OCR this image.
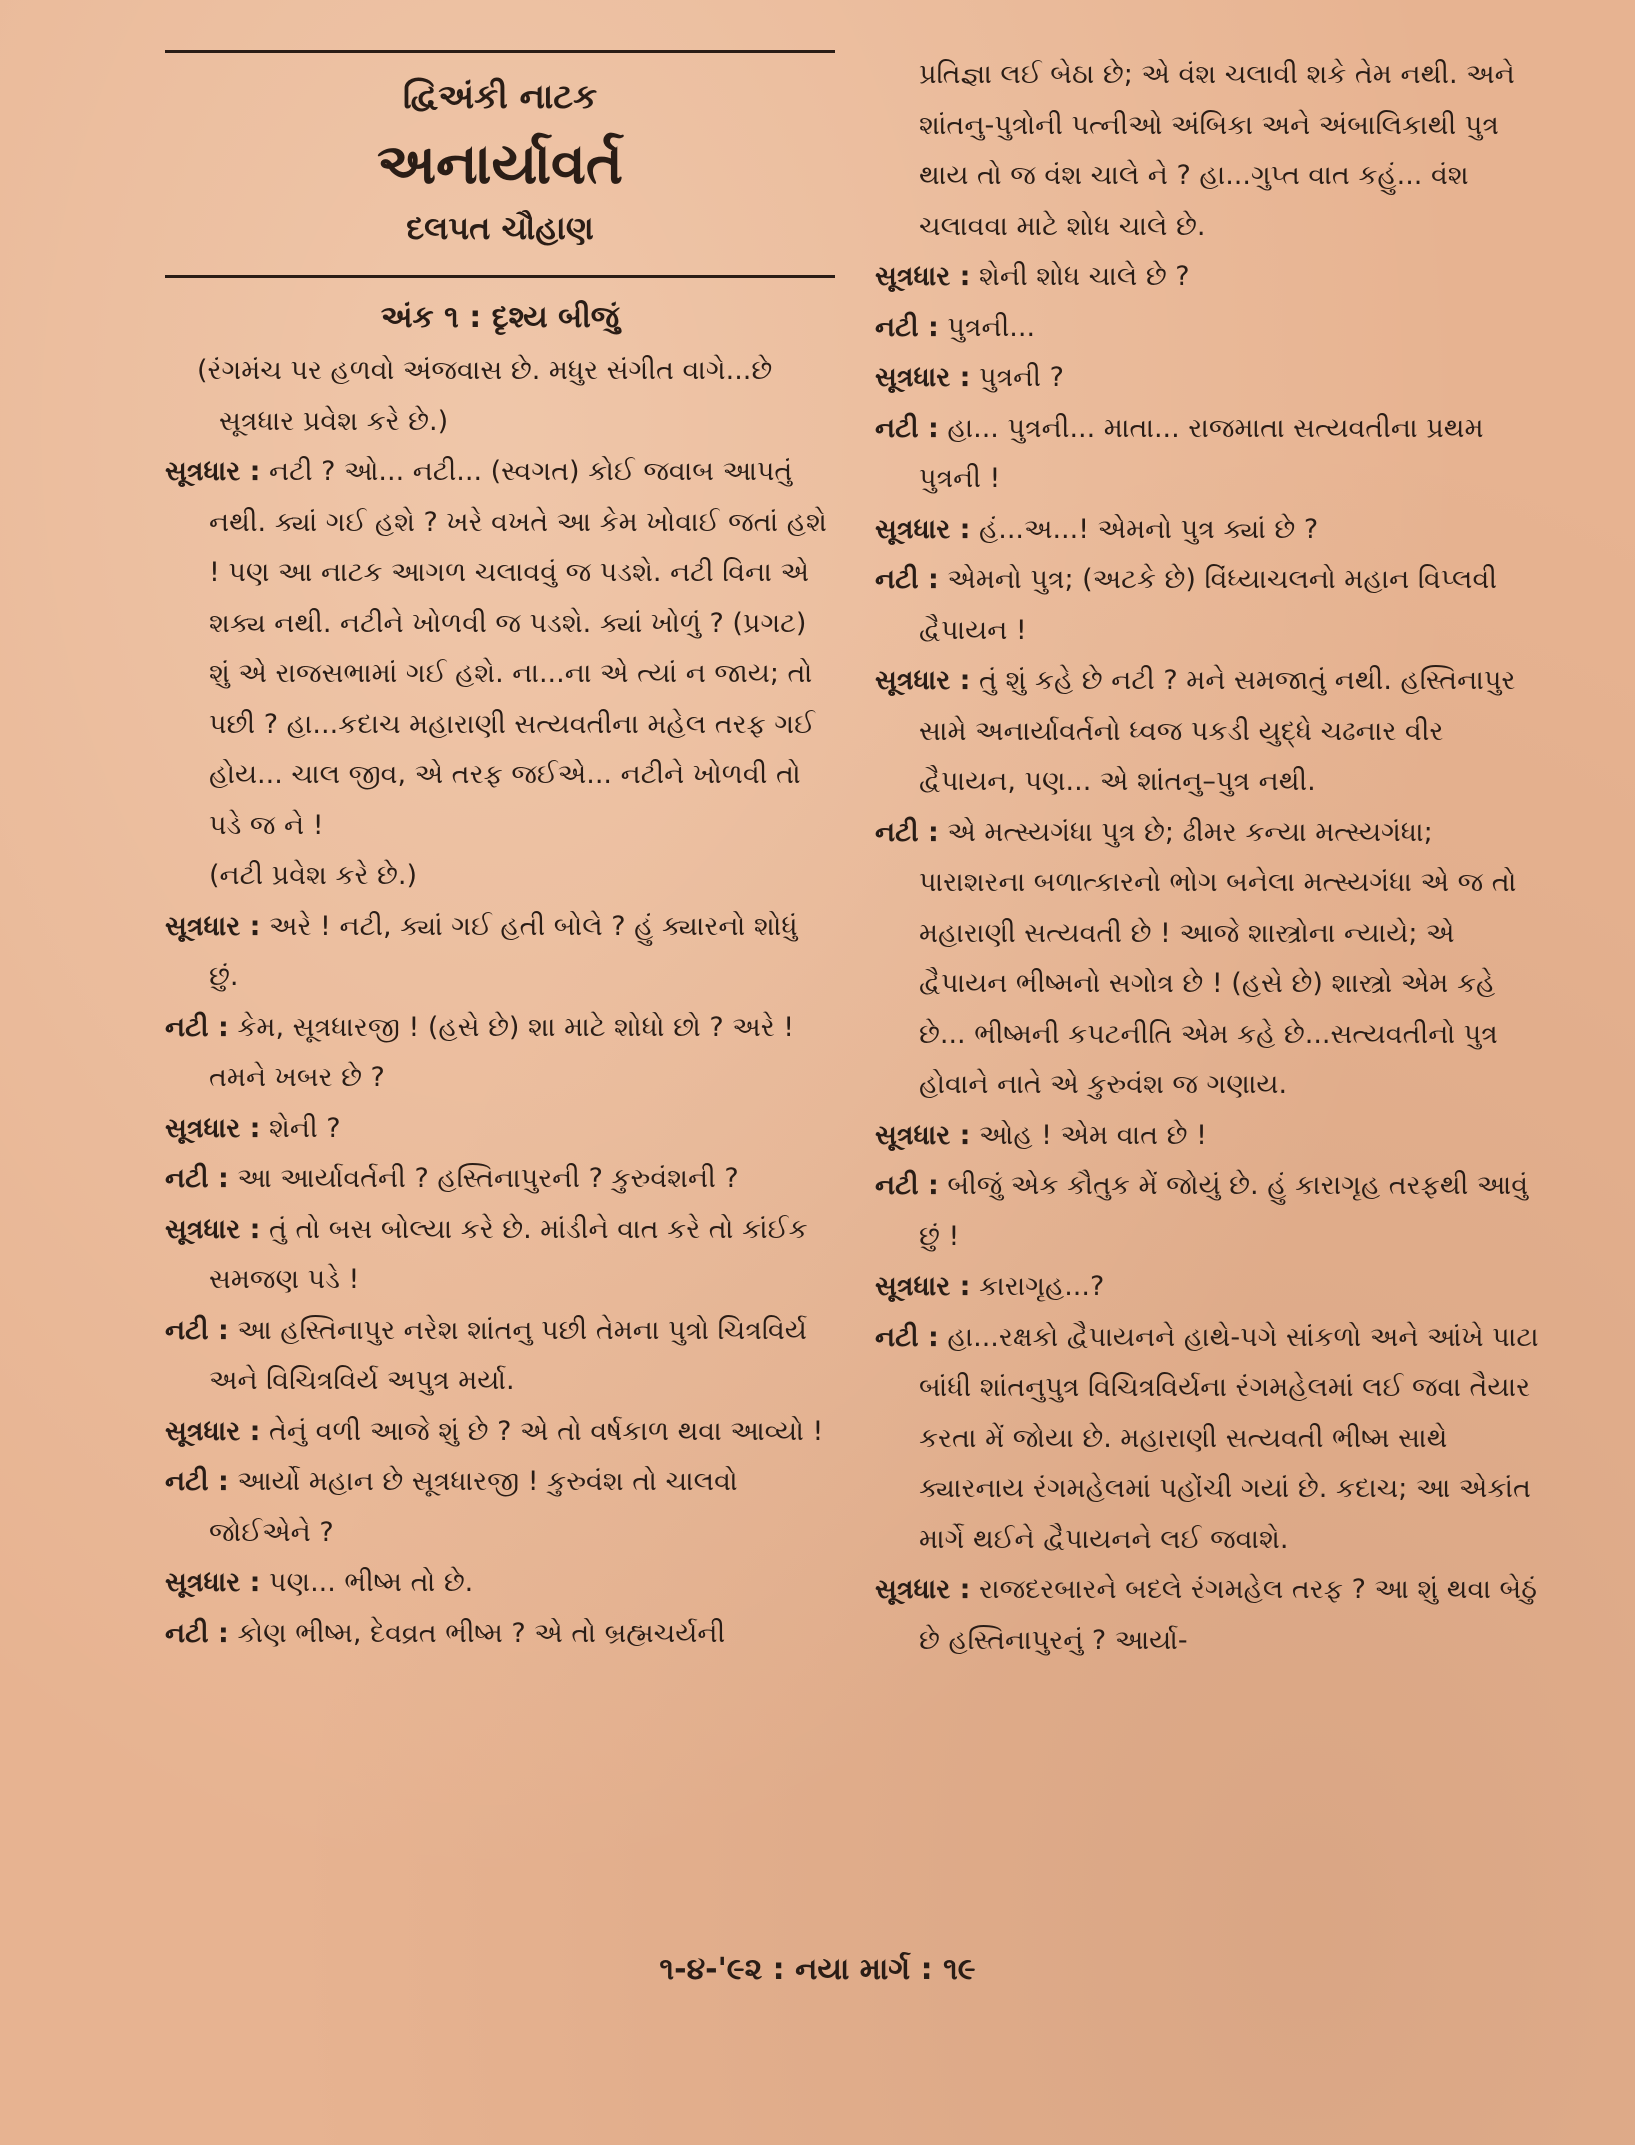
દ્વિઅંકી નાટક
અનાર્યાવર્ત
દલપત ચૌહાણ
અંક ૧ : દૃશ્ય બીજું

(રંગમંચ પર હળવો અંજવાસ છે. મધુર સંગીત વાગે...છે સૂત્રધાર પ્રવેશ કરે છે.)

સૂત્રધાર : નટી ? ઓ... નટી... (સ્વગત) કોઈ જવાબ આપતું નથી. ક્યાં ગઈ હશે ? ખરે વખતે આ કેમ ખોવાઈ જતાં હશે ! પણ આ નાટક આગળ ચલાવવું જ પડશે. નટી વિના એ શક્ય નથી. નટીને ખોળવી જ પડશે. ક્યાં ખોળું ? (પ્રગટ) શું એ રાજસભામાં ગઈ હશે. ના...ના એ ત્યાં ન જાય; તો પછી ? હા...કદાચ મહારાણી સત્યવતીના મહેલ તરફ ગઈ હોય... ચાલ જીવ, એ તરફ જઈએ... નટીને ખોળવી તો પડે જ ને !

(નટી પ્રવેશ કરે છે.)

સૂત્રધાર : અરે ! નટી, ક્યાં ગઈ હતી બોલે ? હું ક્યારનો શોધું છું.

નટી : કેમ, સૂત્રધારજી ! (હસે છે) શા માટે શોધો છો ? અરે ! તમને ખબર છે ?

સૂત્રધાર : શેની ?

નટી : આ આર્યાવર્તની ? હસ્તિનાપુરની ? કુરુવંશની ?

સૂત્રધાર : તું તો બસ બોલ્યા કરે છે. માંડીને વાત કરે તો કાંઈક સમજણ પડે !

નટી : આ હસ્તિનાપુર નરેશ શાંતનુ પછી તેમના પુત્રો ચિત્રવિર્ય અને વિચિત્રવિર્ય અપુત્ર મર્યા.

સૂત્રધાર : તેનું વળી આજે શું છે ? એ તો વર્ષકાળ થવા આવ્યો !

નટી : આર્યો મહાન છે સૂત્રધારજી ! કુરુવંશ તો ચાલવો જોઈએને ?

સૂત્રધાર : પણ... ભીષ્મ તો છે.

નટી : કોણ ભીષ્મ, દેવવ્રત ભીષ્મ ? એ તો બ્રહ્મચર્યની

પ્રતિજ્ઞા લઈ બેઠા છે; એ વંશ ચલાવી શકે તેમ નથી. અને શાંતનુ-પુત્રોની પત્નીઓ અંબિકા અને અંબાલિકાથી પુત્ર થાય તો જ વંશ ચાલે ને ? હા...ગુપ્ત વાત કહું... વંશ ચલાવવા માટે શોધ ચાલે છે.

સૂત્રધાર : શેની શોધ ચાલે છે ?

નટી : પુત્રની...

સૂત્રધાર : પુત્રની ?

નટી : હા... પુત્રની... માતા... રાજમાતા સત્યવતીના પ્રથમ પુત્રની !

સૂત્રધાર : હં...અ...! એમનો પુત્ર ક્યાં છે ?

નટી : એમનો પુત્ર; (અટકે છે) વિંધ્યાચલનો મહાન વિપ્લવી દ્વૈપાયન !

સૂત્રધાર : તું શું કહે છે નટી ? મને સમજાતું નથી. હસ્તિનાપુર સામે અનાર્યાવર્તનો ધ્વજ પકડી યુદ્ધે ચઢનાર વીર દ્વૈપાયન, પણ... એ શાંતનુ–પુત્ર નથી.

નટી : એ મત્સ્યગંધા પુત્ર છે; ઢીમર કન્યા મત્સ્યગંધા; પારાશરના બળાત્કારનો ભોગ બનેલા મત્સ્યગંધા એ જ તો મહારાણી સત્યવતી છે ! આજે શાસ્ત્રોના ન્યાયે; એ દ્વૈપાયન ભીષ્મનો સગોત્ર છે ! (હસે છે) શાસ્ત્રો એમ કહે છે... ભીષ્મની કપટનીતિ એમ કહે છે...સત્યવતીનો પુત્ર હોવાને નાતે એ કુરુવંશ જ ગણાય.

સૂત્રધાર : ઓહ ! એમ વાત છે !

નટી : બીજું એક કૌતુક મેં જોયું છે. હું કારાગૃહ તરફથી આવું છું !

સૂત્રધાર : કારાગૃહ...?

નટી : હા...રક્ષકો દ્વૈપાયનને હાથે-પગે સાંકળો અને આંખે પાટા બાંધી શાંતનુપુત્ર વિચિત્રવિર્યના રંગમહેલમાં લઈ જવા તૈયાર કરતા મેં જોયા છે. મહારાણી સત્યવતી ભીષ્મ સાથે ક્યારનાય રંગમહેલમાં પહોંચી ગયાં છે. કદાચ; આ એકાંત માર્ગે થઈને દ્વૈપાયનને લઈ જવાશે.

સૂત્રધાર : રાજદરબારને બદલે રંગમહેલ તરફ ? આ શું થવા બેઠું છે હસ્તિનાપુરનું ? આર્યા-

૧-૪-'૯૨ : નયા માર્ગ : ૧૯
